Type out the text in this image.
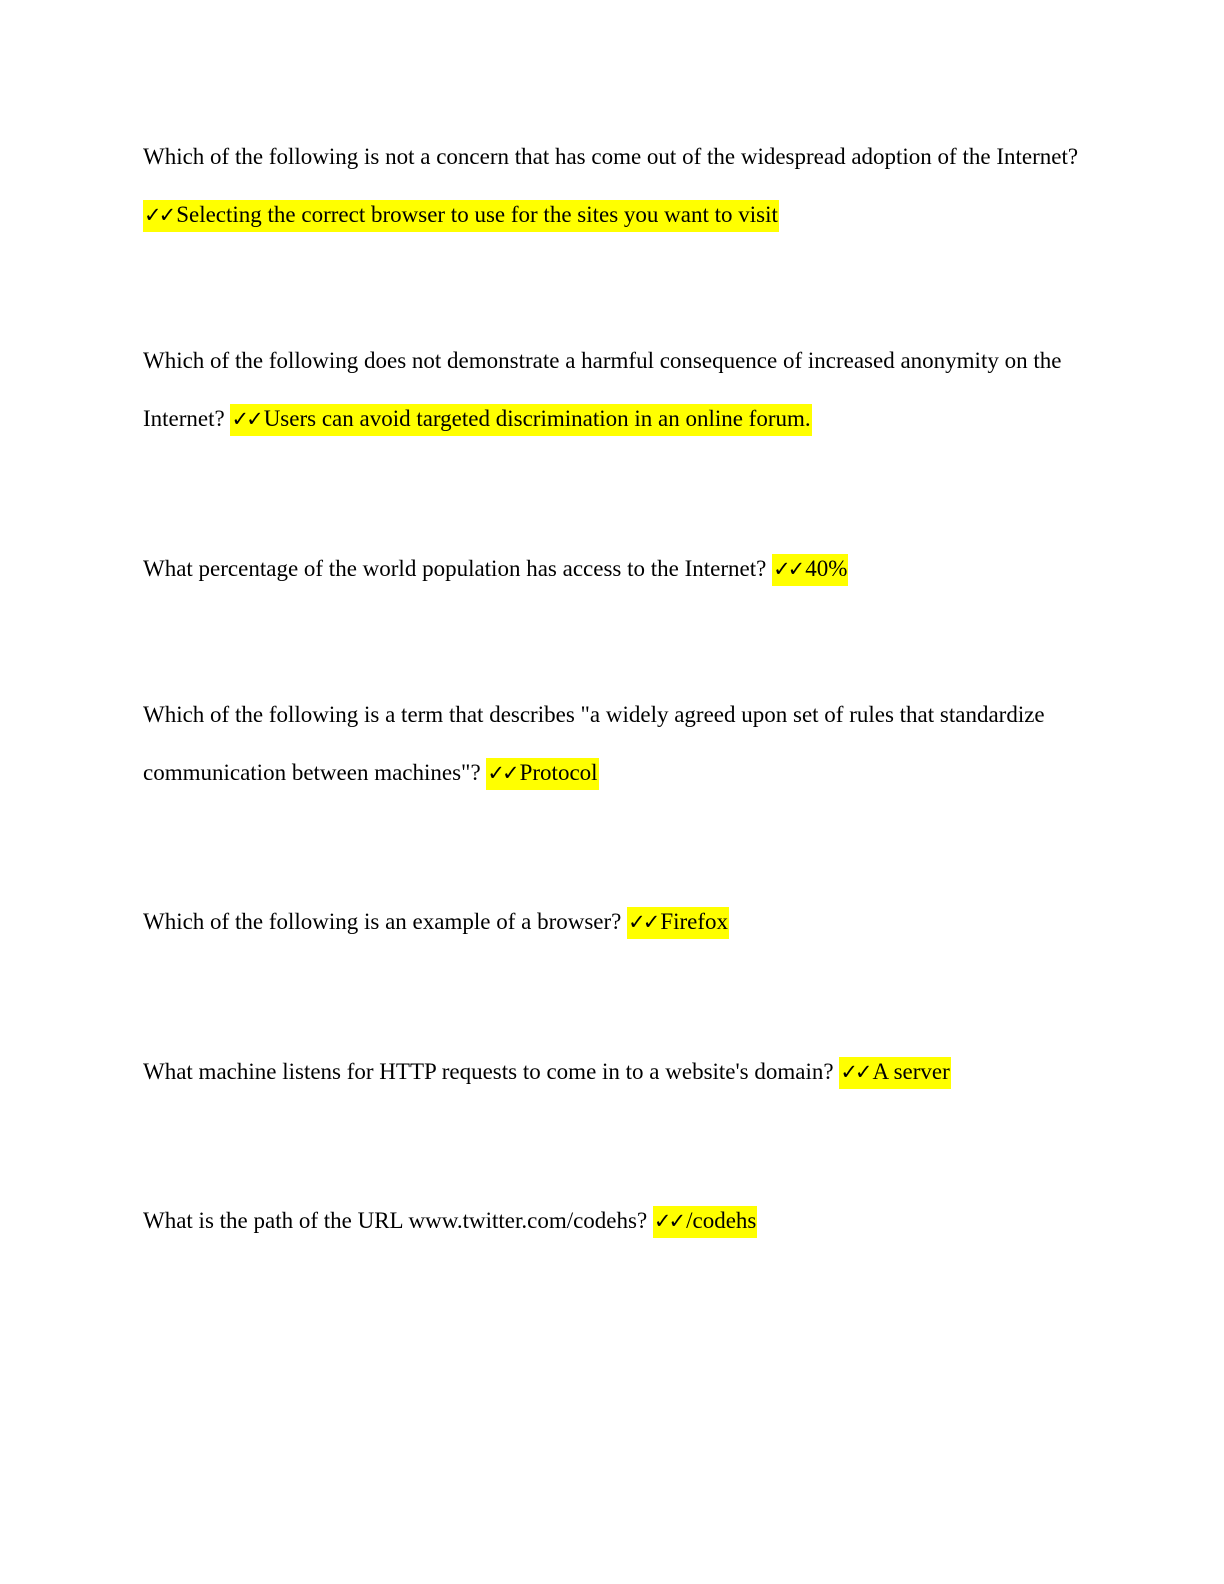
Which of the following is not a concern that has come out of the widespread adoption of the Internet? ✓✓ Selecting the correct browser to use for the sites you want to visit
Which of the following does not demonstrate a harmful consequence of increased anonymity on the Internet? ✓✓ Users can avoid targeted discrimination in an online forum.
What percentage of the world population has access to the Internet? ✓✓ 40%
Which of the following is a term that describes "a widely agreed upon set of rules that standardize communication between machines"? ✓✓ Protocol
Which of the following is an example of a browser? ✓✓ Firefox
What machine listens for HTTP requests to come in to a website's domain? ✓✓ A server
What is the path of the URL www.twitter.com/codehs? ✓✓ /codehs
